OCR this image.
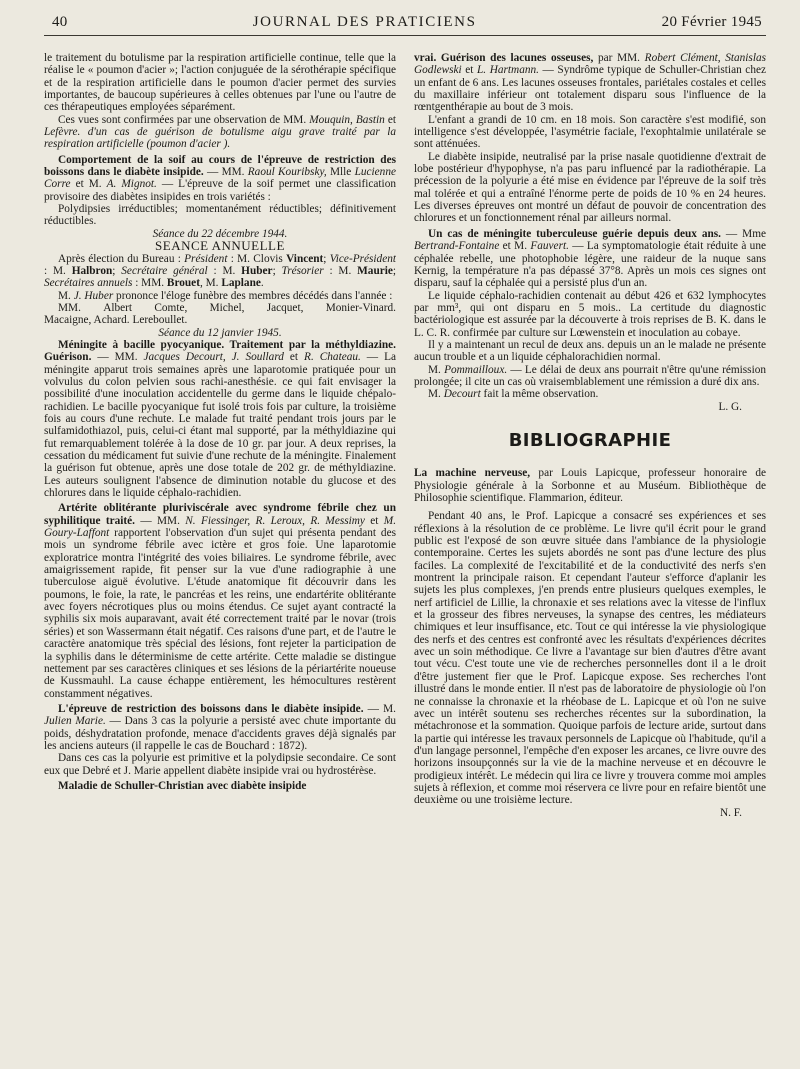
40	JOURNAL DES PRATICIENS	20 Février 1945

le traitement du botulisme par la respiration artificielle continue, telle que la réalise le « poumon d'acier »; l'action conjuguée de la sérothérapie spécifique et de la respiration artificielle dans le poumon d'acier permet des survies importantes, de baucoup supérieures à celles obtenues par l'une ou l'autre de ces thérapeutiques employées séparément.

Ces vues sont confirmées par une observation de MM. Mouquin, Bastin et Lefèvre. d'un cas de guérison de botulisme aigu grave traité par la respiration artificielle (poumon d'acier ).

Comportement de la soif au cours de l'épreuve de restriction des boissons dans le diabète insipide. — MM. Raoul Kouribsky, Mlle Lucienne Corre et M. A. Mignot. — L'épreuve de la soif permet une classification provisoire des diabètes insipides en trois variétés :

Polydipsies irréductibles; momentanément réductibles; définitivement réductibles.

Séance du 22 décembre 1944.

SEANCE ANNUELLE

Après élection du Bureau : Président : M. Clovis Vincent; Vice-Président : M. Halbron; Secrétaire général : M. Huber; Trésorier : M. Maurie; Secrétaires annuels : MM. Brouet, M. Laplane.

M. J. Huber prononce l'éloge funèbre des membres décédés dans l'année :

MM. Albert Comte, Michel, Jacquet, Monier-Vinard.

Macaigne, Achard. Lereboullet.

Séance du 12 janvier 1945.

Méningite à bacille pyocyanique. Traitement par la méthyldiazine. Guérison. — MM. Jacques Decourt, J. Soullard et R. Chateau. — La méningite apparut trois semaines après une laparotomie pratiquée pour un volvulus du colon pelvien sous rachi-anesthésie. ce qui fait envisager la possibilité d'une inoculation accidentelle du germe dans le liquide chépalo-rachidien. Le bacille pyocyanique fut isolé trois fois par culture, la troisième fois au cours d'une rechute. Le malade fut traité pendant trois jours par le sulfamidothiazol, puis, celui-ci étant mal supporté, par la méthyldiazine qui fut remarquablement tolérée à la dose de 10 gr. par jour. A deux reprises, la cessation du médicament fut suivie d'une rechute de la méningite. Finalement la guérison fut obtenue, après une dose totale de 202 gr. de méthyldiazine. Les auteurs soulignent l'absence de diminution notable du glucose et des chlorures dans le liquide céphalo-rachidien.

Artérite oblitérante pluriviscérale avec syndrome fébrile chez un syphilitique traité. — MM. N. Fiessinger, R. Leroux, R. Messimy et M. Goury-Laffont rapportent l'observation d'un sujet qui présenta pendant des mois un syndrome fébrile avec ictère et gros foie. Une laparotomie exploratrice montra l'intégrité des voies biliaires. Le syndrome fébrile, avec amaigrissement rapide, fit penser sur la vue d'une radiographie à une tuberculose aiguë évolutive. L'étude anatomique fit découvrir dans les poumons, le foie, la rate, le pancréas et les reins, une endartérite oblitérante avec foyers nécrotiques plus ou moins étendus. Ce sujet ayant contracté la syphilis six mois auparavant, avait été correctement traité par le novar (trois séries) et son Wassermann était négatif. Ces raisons d'une part, et de l'autre le caractère anatomique très spécial des lésions, font rejeter la participation de la syphilis dans le déterminisme de cette artérite. Cette maladie se distingue nettement par ses caractères cliniques et ses lésions de la périartérite noueuse de Kussmauhl. La cause échappe entièrement, les hémocultures restèrent constamment négatives.

L'épreuve de restriction des boissons dans le diabète insipide. — M. Julien Marie. — Dans 3 cas la polyurie a persisté avec chute importante du poids, déshydratation profonde, menace d'accidents graves déjà signalés par les anciens auteurs (il rappelle le cas de Bouchard : 1872).

Dans ces cas la polyurie est primitive et la polydipsie secondaire. Ce sont eux que Debré et J. Marie appellent diabète insipide vrai ou hydrostérèse.

Maladie de Schuller-Christian avec diabète insipide

vrai. Guérison des lacunes osseuses, par MM. Robert Clément, Stanislas Godlewski et L. Hartmann. — Syndrôme typique de Schuller-Christian chez un enfant de 6 ans. Les lacunes osseuses frontales, pariétales costales et celles du maxillaire inférieur ont totalement disparu sous l'influence de la rœntgenthérapie au bout de 3 mois.

L'enfant a grandi de 10 cm. en 18 mois. Son caractère s'est modifié, son intelligence s'est développée, l'asymétrie faciale, l'exophtalmie unilatérale se sont atténuées.

Le diabète insipide, neutralisé par la prise nasale quotidienne d'extrait de lobe postérieur d'hypophyse, n'a pas paru influencé par la radiothérapie. La précession de la polyurie a été mise en évidence par l'épreuve de la soif très mal tolérée et qui a entraîné l'énorme perte de poids de 10 % en 24 heures. Les diverses épreuves ont montré un défaut de pouvoir de concentration des chlorures et un fonctionnement rénal par ailleurs normal.

Un cas de méningite tuberculeuse guérie depuis deux ans. — Mme Bertrand-Fontaine et M. Fauvert. — La symptomatologie était réduite à une céphalée rebelle, une photophobie légère, une raideur de la nuque sans Kernig, la température n'a pas dépassé 37°8. Après un mois ces signes ont disparu, sauf la céphalée qui a persisté plus d'un an.

Le liquide céphalo-rachidien contenait au début 426 et 632 lymphocytes par mm³, qui ont disparu en 5 mois.. La certitude du diagnostic bactériologique est assurée par la découverte à trois reprises de B. K. dans le L. C. R. confirmée par culture sur Lœwenstein et inoculation au cobaye.

Il y a maintenant un recul de deux ans. depuis un an le malade ne présente aucun trouble et a un liquide céphalorachidien normal.

M. Pommailloux. — Le délai de deux ans pourrait n'être qu'une rémission prolongée; il cite un cas où vraisemblablement une rémission a duré dix ans.

M. Decourt fait la même observation.

L. G.

BIBLIOGRAPHIE

La machine nerveuse, par Louis Lapicque, professeur honoraire de Physiologie générale à la Sorbonne et au Muséum. Bibliothèque de Philosophie scientifique. Flammarion, éditeur.

Pendant 40 ans, le Prof. Lapicque a consacré ses expériences et ses réflexions à la résolution de ce problème. Le livre qu'il écrit pour le grand public est l'exposé de son œuvre située dans l'ambiance de la physiologie contemporaine. Certes les sujets abordés ne sont pas d'une lecture des plus faciles. La complexité de l'excitabilité et de la conductivité des nerfs s'en montrent la principale raison. Et cependant l'auteur s'efforce d'aplanir les sujets les plus complexes, j'en prends entre plusieurs quelques exemples, le nerf artificiel de Lillie, la chronaxie et ses relations avec la vitesse de l'influx et la grosseur des fibres nerveuses, la synapse des centres, les médiateurs chimiques et leur insuffisance, etc. Tout ce qui intéresse la vie physiologique des nerfs et des centres est confronté avec les résultats d'expériences décrites avec un soin méthodique. Ce livre a l'avantage sur bien d'autres d'être avant tout vécu. C'est toute une vie de recherches personnelles dont il a le droit d'être justement fier que le Prof. Lapicque expose. Ses recherches l'ont illustré dans le monde entier. Il n'est pas de laboratoire de physiologie où l'on ne connaisse la chronaxie et la rhéobase de L. Lapicque et où l'on ne suive avec un intérêt soutenu ses recherches récentes sur la subordination, la métachronose et la sommation. Quoique parfois de lecture aride, surtout dans la partie qui intéresse les travaux personnels de Lapicque où l'habitude, qu'il a d'un langage personnel, l'empêche d'en exposer les arcanes, ce livre ouvre des horizons insoupçonnés sur la vie de la machine nerveuse et en découvre le prodigieux intérêt. Le médecin qui lira ce livre y trouvera comme moi amples sujets à réflexion, et comme moi réservera ce livre pour en refaire bientôt une deuxième ou une troisième lecture.

N. F.
